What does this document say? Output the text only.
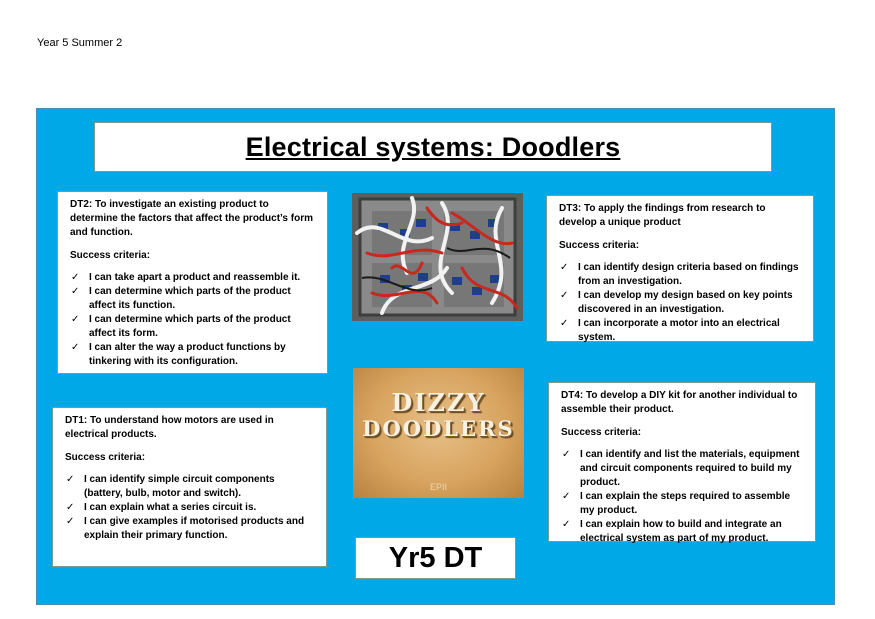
Year 5 Summer 2
Electrical systems: Doodlers
DT2: To investigate an existing product to determine the factors that affect the product’s form and function.
Success criteria:
✓ I can take apart a product and reassemble it.
✓ I can determine which parts of the product affect its function.
✓ I can determine which parts of the product affect its form.
✓ I can alter the way a product functions by tinkering with its configuration.
DT3: To apply the findings from research to develop a unique product
Success criteria:
✓ I can identify design criteria based on findings from an investigation.
✓ I can develop my design based on key points discovered in an investigation.
✓ I can incorporate a motor into an electrical system.
DIZZY
DOODLERS
EPII
DT1: To understand how motors are used in electrical products.
Success criteria:
✓ I can identify simple circuit components (battery, bulb, motor and switch).
✓ I can explain what a series circuit is.
✓ I can give examples if motorised products and explain their primary function.
DT4: To develop a DIY kit for another individual to assemble their product.
Success criteria:
✓ I can identify and list the materials, equipment and circuit components required to build my product.
✓ I can explain the steps required to assemble my product.
✓ I can explain how to build and integrate an electrical system as part of my product.
Yr5 DT
